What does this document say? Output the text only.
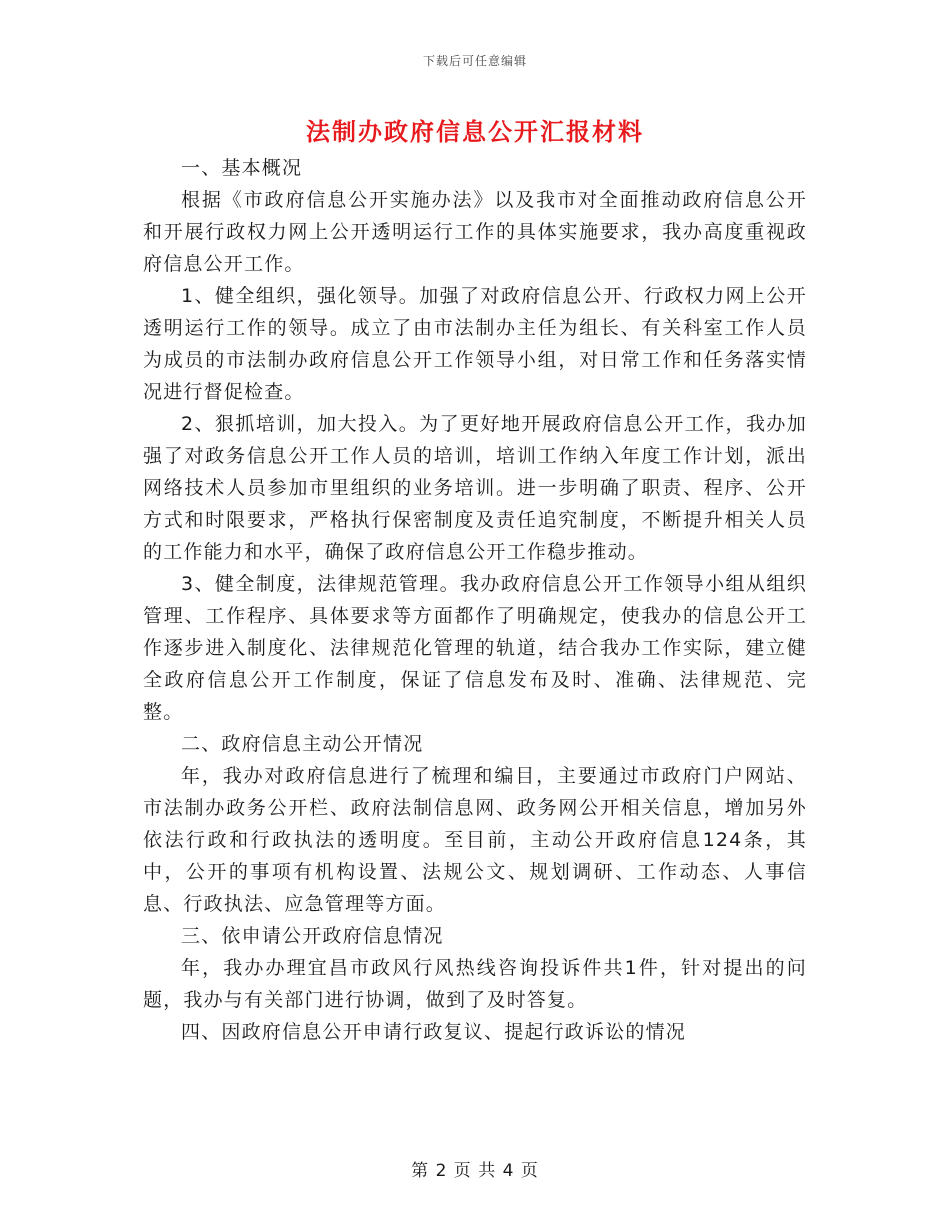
下载后可任意编辑
法制办政府信息公开汇报材料

一、基本概况

根据《市政府信息公开实施办法》以及我市对全面推动政府信息公开和开展行政权力网上公开透明运行工作的具体实施要求，我办高度重视政府信息公开工作。

1、健全组织，强化领导。加强了对政府信息公开、行政权力网上公开透明运行工作的领导。成立了由市法制办主任为组长、有关科室工作人员为成员的市法制办政府信息公开工作领导小组，对日常工作和任务落实情况进行督促检查。

2、狠抓培训，加大投入。为了更好地开展政府信息公开工作，我办加强了对政务信息公开工作人员的培训，培训工作纳入年度工作计划，派出网络技术人员参加市里组织的业务培训。进一步明确了职责、程序、公开方式和时限要求，严格执行保密制度及责任追究制度，不断提升相关人员的工作能力和水平，确保了政府信息公开工作稳步推动。

3、健全制度，法律规范管理。我办政府信息公开工作领导小组从组织管理、工作程序、具体要求等方面都作了明确规定，使我办的信息公开工作逐步进入制度化、法律规范化管理的轨道，结合我办工作实际，建立健全政府信息公开工作制度，保证了信息发布及时、准确、法律规范、完整。

二、政府信息主动公开情况

年，我办对政府信息进行了梳理和编目，主要通过市政府门户网站、市法制办政务公开栏、政府法制信息网、政务网公开相关信息，增加另外依法行政和行政执法的透明度。至目前，主动公开政府信息124条，其中，公开的事项有机构设置、法规公文、规划调研、工作动态、人事信息、行政执法、应急管理等方面。

三、依申请公开政府信息情况

年，我办办理宜昌市政风行风热线咨询投诉件共1件，针对提出的问题，我办与有关部门进行协调，做到了及时答复。

四、因政府信息公开申请行政复议、提起行政诉讼的情况

第 2 页 共 4 页
